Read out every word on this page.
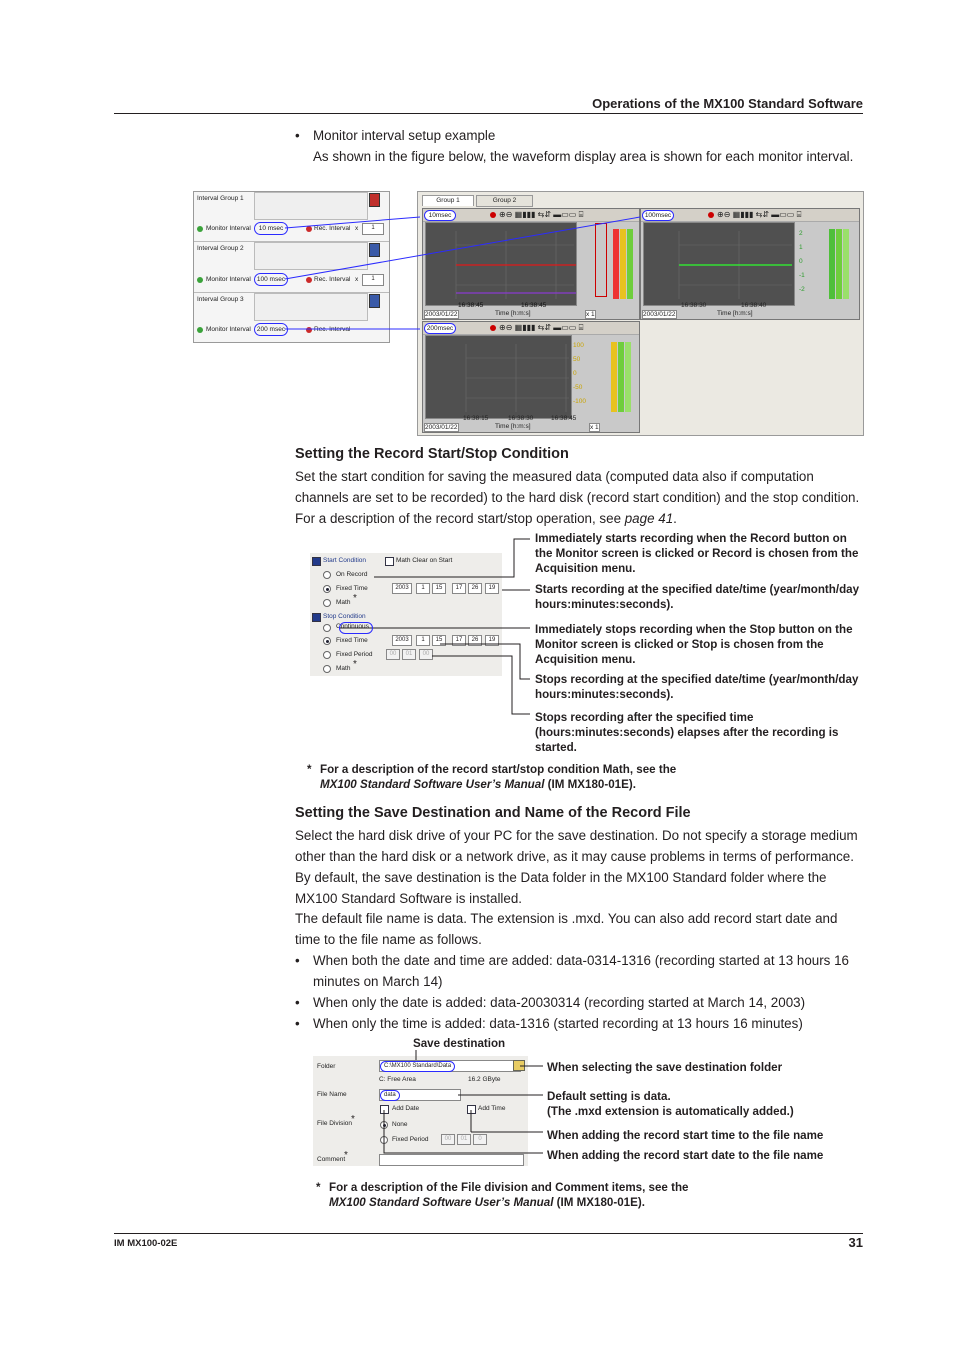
Operations of the MX100 Standard Software
• Monitor interval setup example
As shown in the figure below, the waveform display area is shown for each monitor interval.
Interval Group 1
Monitor Interval	10 msec	Rec. Interval x	1
Interval Group 2
Monitor Interval 100 msec	Rec. Interval x	1
Interval Group 3
Monitor Interval 200 msec	Rec. Interval
Group 1	Group 2
10msec	⊕⊖ ▦▮▮▮ ⇆⇵ ▬▭▭ ⌸
16:38:45	16:38:45
2003/01/22	Time [h:m:s]	x 1
100msec	⊕⊖ ▦▮▮▮ ⇆⇵ ▬▭▭ ⌸
16:38:30	16:38:40
2003/01/22	Time [h:m:s]
2
1
0
-1
-2
200msec	⊕⊖ ▦▮▮▮ ⇆⇵ ▬▭▭ ⌸
16:38:15	16:38:30	16:38:45
2003/01/22	Time [h:m:s]	x 1
100
50
0
-50
-100
Setting the Record Start/Stop Condition
Set the start condition for saving the measured data (computed data also if computation channels are set to be recorded) to the hard disk (record start condition) and the stop condition. For a description of the record start/stop operation, see page 41.
Start Condition	Math Clear on Start
On Record
Fixed Time	2003	1	15	17	26	19
Math *
Stop Condition
Continuous
Fixed Time	2003	1	15	17	26	19
Fixed Period	00	01	00
Math *
Immediately starts recording when the Record button on the Monitor screen is clicked or Record is chosen from the Acquisition menu.
Starts recording at the specified date/time (year/month/day hours:minutes:seconds).
Immediately stops recording when the Stop button on the Monitor screen is clicked or Stop is chosen from the Acquisition menu.
Stops recording at the specified date/time (year/month/day hours:minutes:seconds).
Stops recording after the specified time (hours:minutes:seconds) elapses after the recording is started.
* For a description of the record start/stop condition Math, see the
MX100 Standard Software User’s Manual (IM MX180-01E).
Setting the Save Destination and Name of the Record File
Select the hard disk drive of your PC for the save destination. Do not specify a storage medium other than the hard disk or a network drive, as it may cause problems in terms of performance. By default, the save destination is the Data folder in the MX100 Standard folder where the MX100 Standard Software is installed.
The default file name is data. The extension is .mxd. You can also add record start date and time to the file name as follows.
• When both the date and time are added: data-0314-1316 (recording started at 13 hours 16 minutes on March 14)
• When only the date is added: data-20030314 (recording started at March 14, 2003)
• When only the time is added: data-1316 (started recording at 13 hours 16 minutes)
Save destination
Folder	C:\MX100 Standard\Data
C: Free Area	16.2 GByte
File Name	data
Add Date	Add Time
File Division
*	None
Fixed Period	00	01	0
Comment
*
When selecting the save destination folder
Default setting is data.
(The .mxd extension is automatically added.)
When adding the record start time to the file name
When adding the record start date to the file name
* For a description of the File division and Comment items, see the
MX100 Standard Software User’s Manual (IM MX180-01E).
IM MX100-02E	31
